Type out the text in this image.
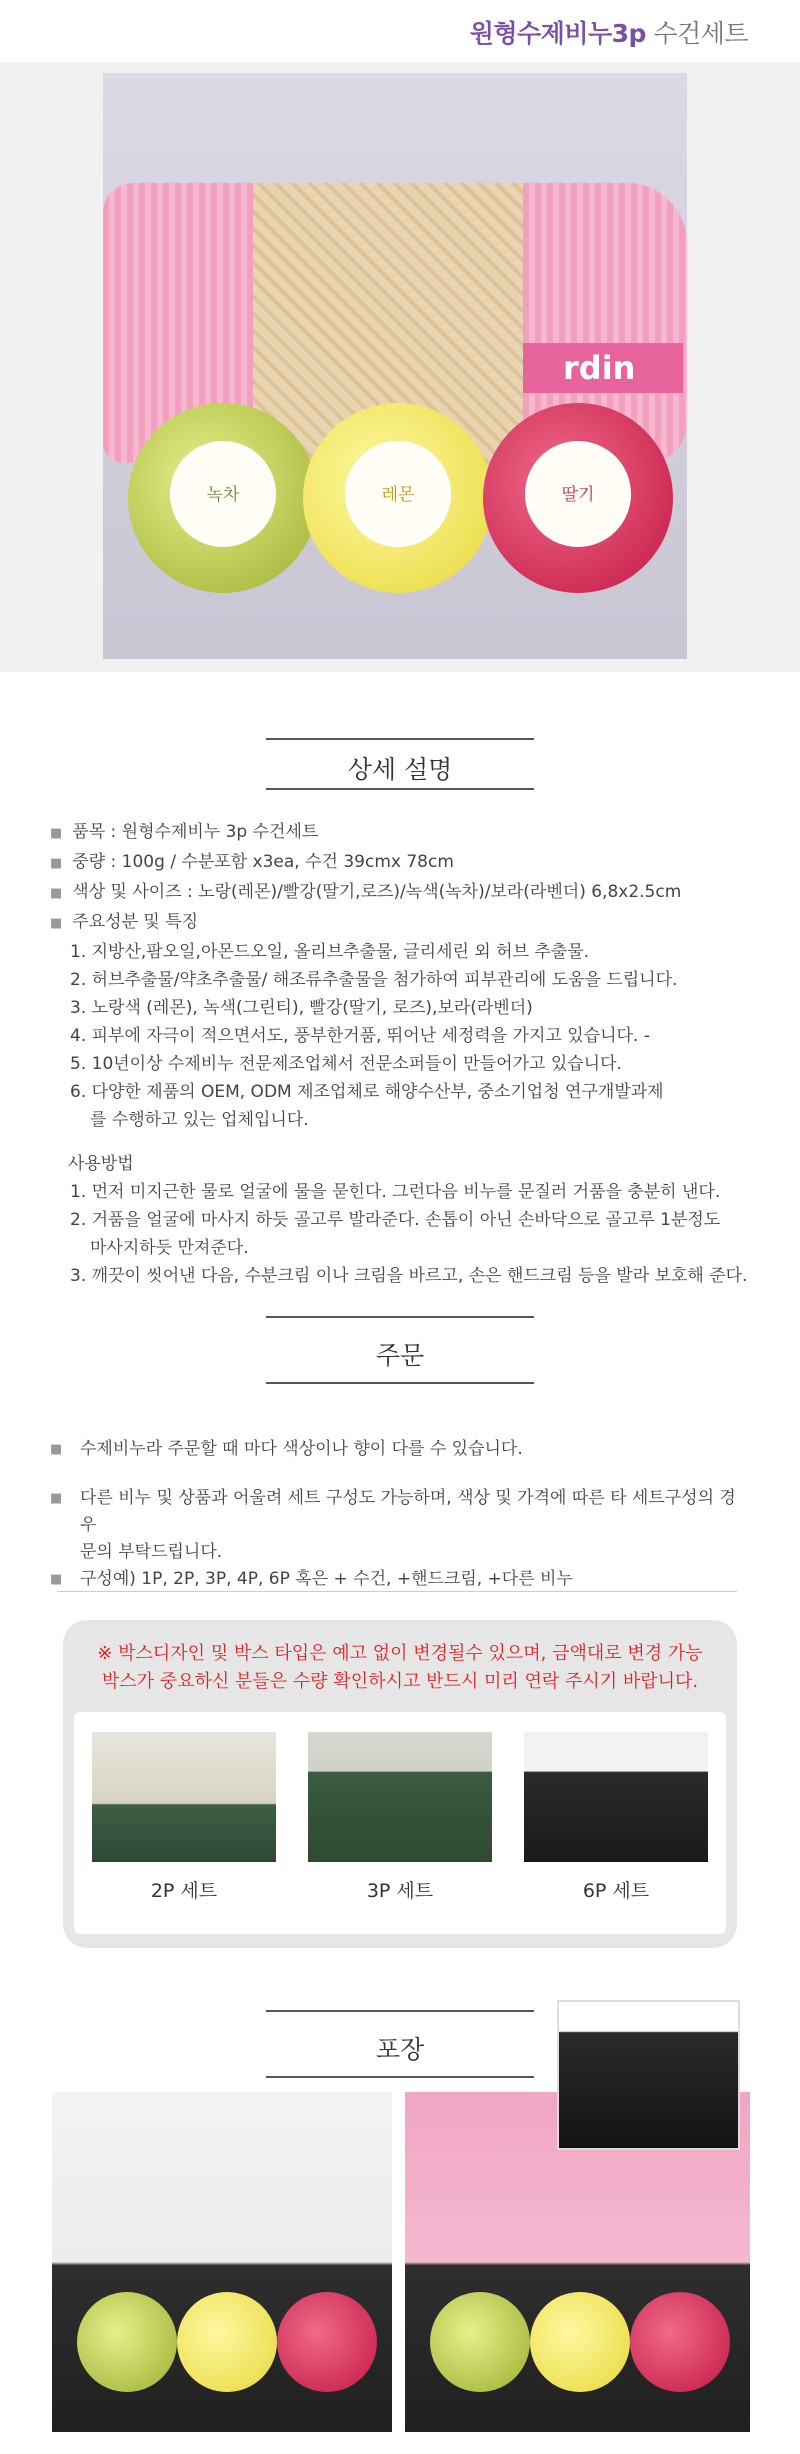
원형수제비누3p 수건세트
rdin
녹차	레몬	딸기
상세 설명
■ 품목 : 원형수제비누 3p 수건세트
■ 중량 : 100g / 수분포함 x3ea, 수건 39cmx 78cm
■ 색상 및 사이즈 : 노랑(레몬)/빨강(딸기,로즈)/녹색(녹차)/보라(라벤더) 6,8x2.5cm
■ 주요성분 및 특징
1. 지방산,팜오일,아몬드오일, 올리브추출물, 글리세린 외 허브 추출물.
2. 허브추출물/약초추출물/ 해조류추출물을 첨가하여 피부관리에 도움을 드립니다.
3. 노랑색 (레몬), 녹색(그린티), 빨강(딸기, 로즈),보라(라벤더)
4. 피부에 자극이 적으면서도, 풍부한거품, 뛰어난 세정력을 가지고 있습니다. -
5. 10년이상 수제비누 전문제조업체서 전문소퍼들이 만들어가고 있습니다.
6. 다양한 제품의 OEM, ODM 제조업체로 해양수산부, 중소기업청 연구개발과제
를 수행하고 있는 업체입니다.
사용방법
1. 먼저 미지근한 물로 얼굴에 물을 묻힌다. 그런다음 비누를 문질러 거품을 충분히 낸다.
2. 거품을 얼굴에 마사지 하듯 골고루 발라준다. 손톱이 아닌 손바닥으로 골고루 1분정도
마사지하듯 만져준다.
3. 깨끗이 씻어낸 다음, 수분크림 이나 크림을 바르고, 손은 핸드크림 등을 발라 보호해 준다.
주문
■ 수제비누라 주문할 때 마다 색상이나 향이 다를 수 있습니다.
■ 다른 비누 및 상품과 어울려 세트 구성도 가능하며, 색상 및 가격에 따른 타 세트구성의 경우
문의 부탁드립니다.
■ 구성예) 1P, 2P, 3P, 4P, 6P 혹은 + 수건, +핸드크림, +다른 비누
※ 박스디자인 및 박스 타입은 예고 없이 변경될수 있으며, 금액대로 변경 가능
박스가 중요하신 분들은 수량 확인하시고 반드시 미리 연락 주시기 바랍니다.
2P 세트	3P 세트	6P 세트
포장
